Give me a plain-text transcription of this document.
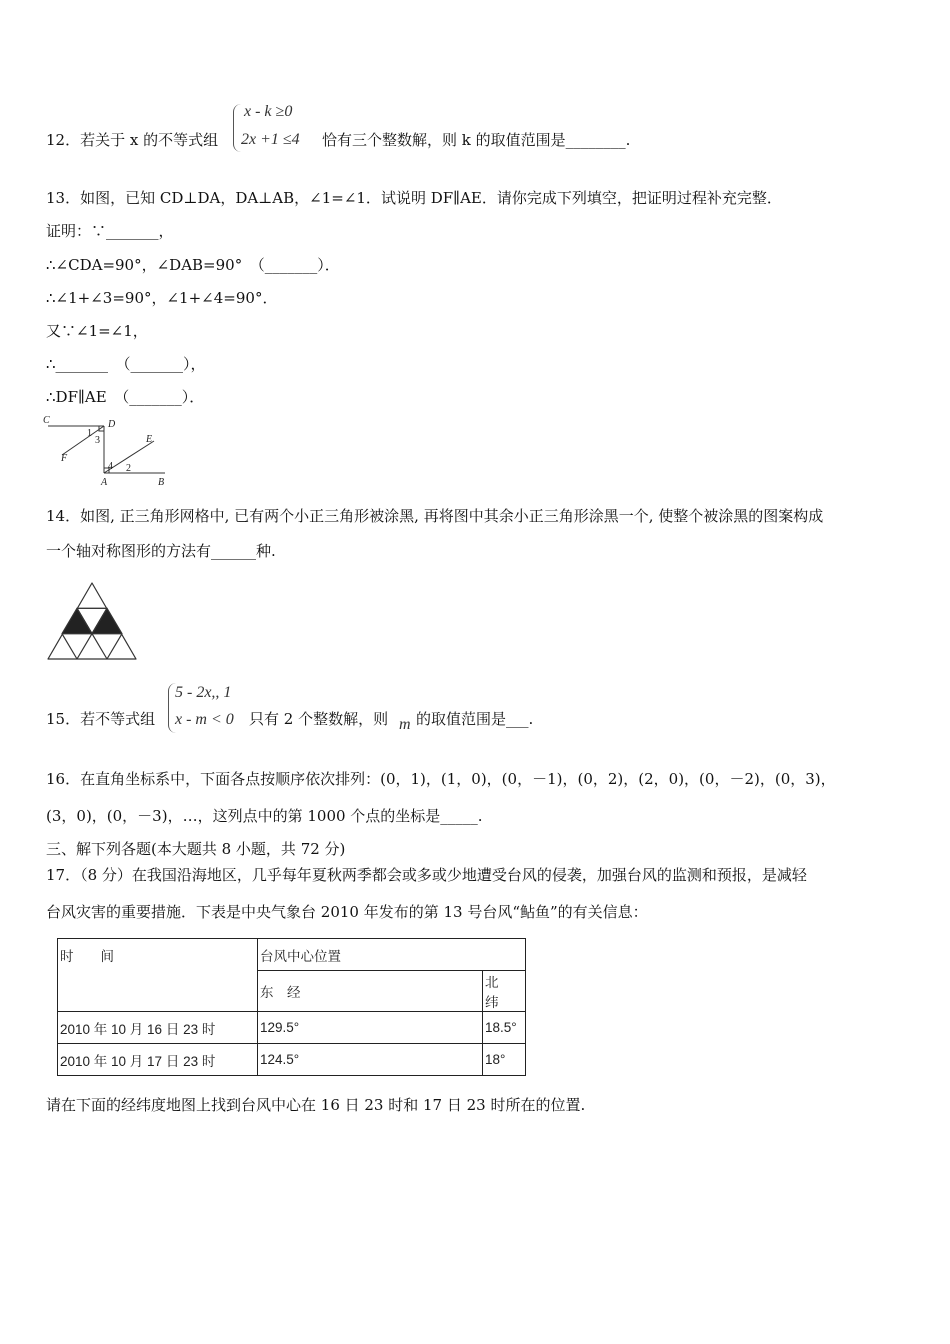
12．若关于 x 的不等式组
x - k ≥0
2x +1 ≤4 恰有三个整数解，则 k 的取值范围是________.
13．如图，已知 CD⊥DA，DA⊥AB，∠1=∠1．试说明 DF∥AE．请你完成下列填空，把证明过程补充完整．
证明：∵_______，
∴∠CDA=90°，∠DAB=90°　（_______）．
∴∠1+∠3=90°，∠1+∠4=90°．
又∵∠1=∠1，
∴_______　（_______），
∴DF∥AE　（_______）．
C	D
1
3
F
E
4 2
A	B
14．如图, 正三角形网格中, 已有两个小正三角形被涂黑, 再将图中其余小正三角形涂黑一个, 使整个被涂黑的图案构成
一个轴对称图形的方法有______种.
15．若不等式组
5 - 2x,, 1
x - m < 0 只有 2 个整数解，则 m 的取值范围是___.
16．在直角坐标系中，下面各点按顺序依次排列：(0，1)，(1，0)，(0，－1)，(0，2)，(2，0)，(0，－2)，(0，3)，
(3，0)，(0，－3)，…，这列点中的第 1000 个点的坐标是_____.
三、解下列各题(本大题共 8 小题，共 72 分)
17．（8 分）在我国沿海地区，几乎每年夏秋两季都会或多或少地遭受台风的侵袭，加强台风的监测和预报，是减轻
台风灾害的重要措施．下表是中央气象台 2010 年发布的第 13 号台风“鲇鱼”的有关信息：
时　　间	台风中心位置	
	东　经	北　纬
2010 年 10 月 16 日 23 时	129.5°	18.5°
2010 年 10 月 17 日 23 时	124.5°	18°
请在下面的经纬度地图上找到台风中心在 16 日 23 时和 17 日 23 时所在的位置.
